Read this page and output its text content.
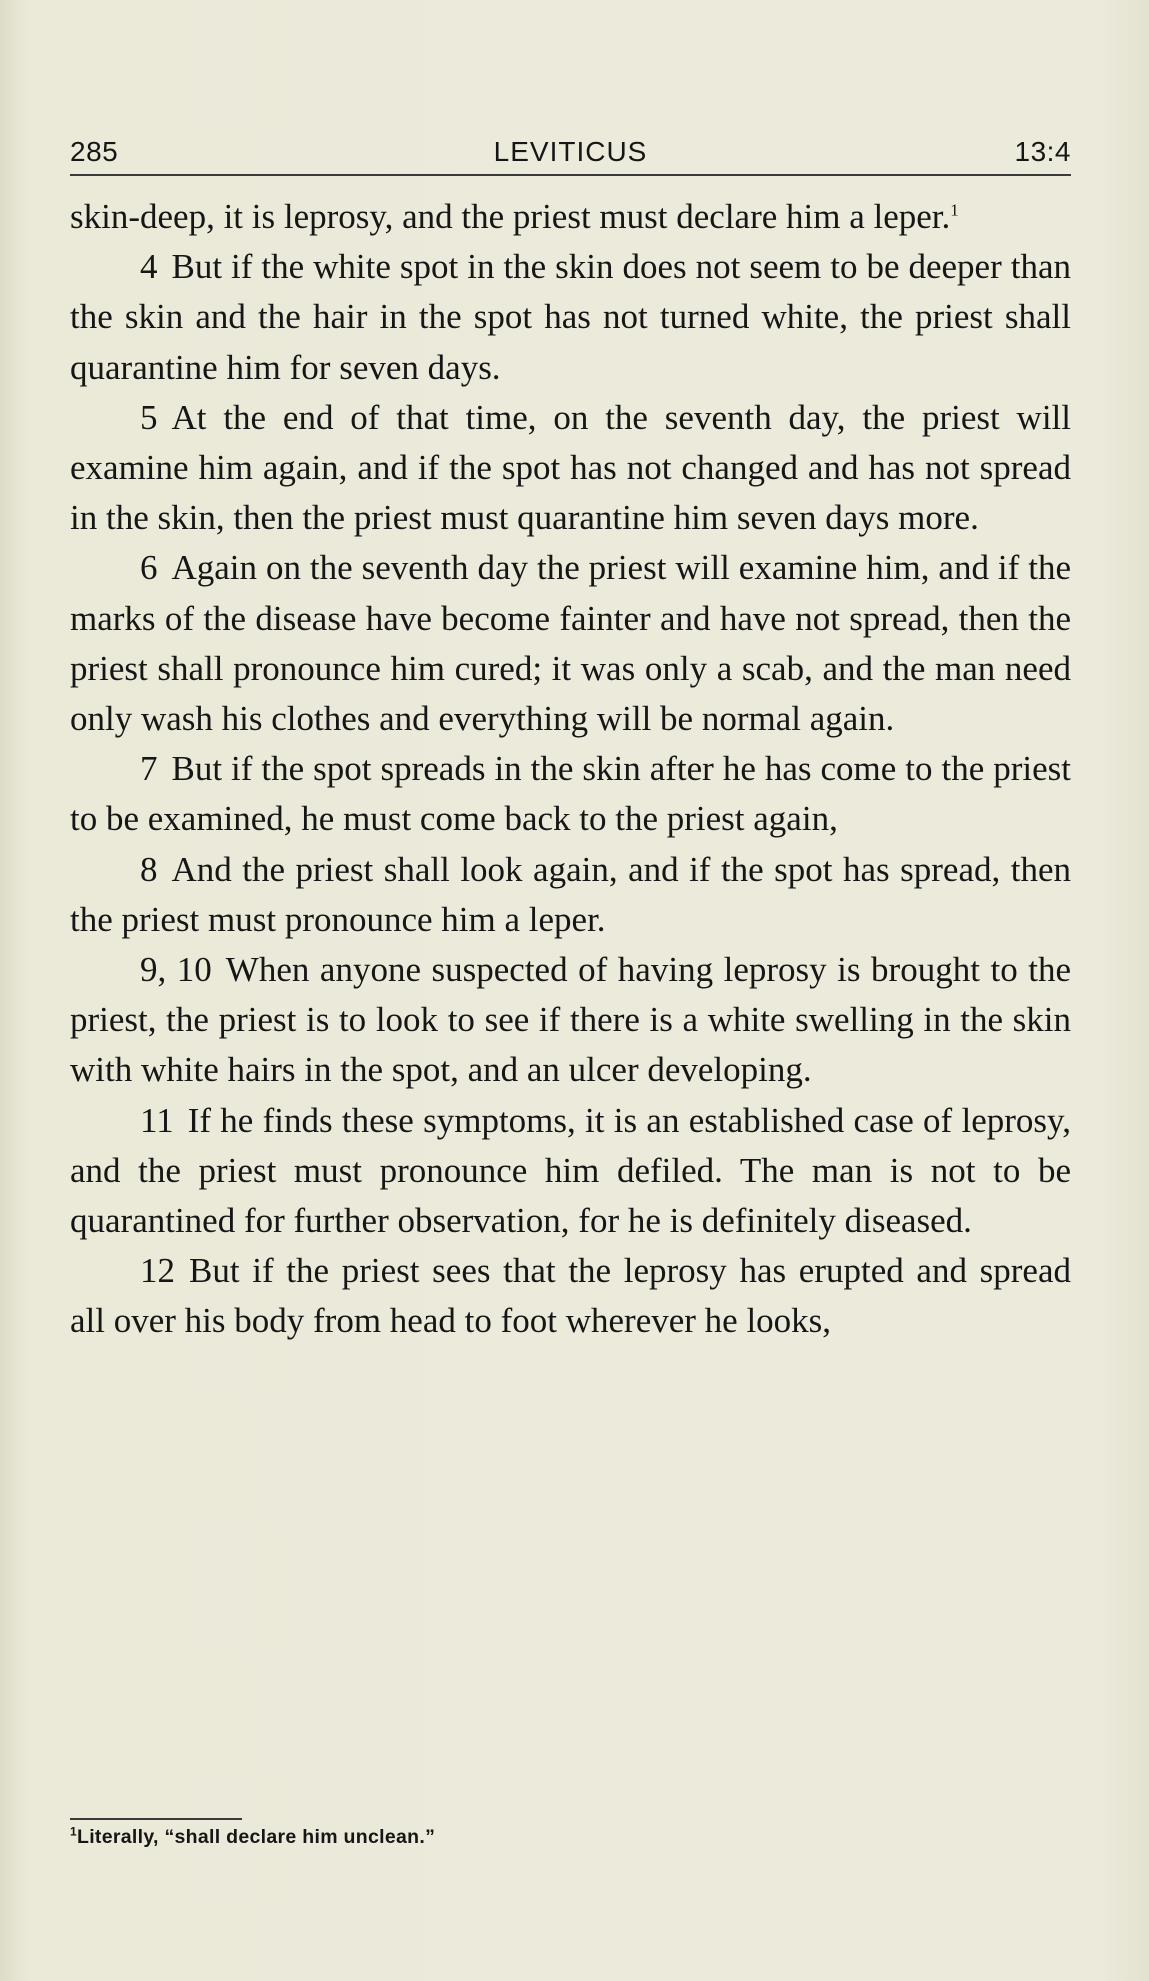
285	LEVITICUS	13:4

skin-deep, it is leprosy, and the priest must declare him a leper.$^1$

4 But if the white spot in the skin does not seem to be deeper than the skin and the hair in the spot has not turned white, the priest shall quarantine him for seven days.

5 At the end of that time, on the seventh day, the priest will examine him again, and if the spot has not changed and has not spread in the skin, then the priest must quarantine him seven days more.

6 Again on the seventh day the priest will examine him, and if the marks of the disease have become fainter and have not spread, then the priest shall pronounce him cured; it was only a scab, and the man need only wash his clothes and everything will be normal again.

7 But if the spot spreads in the skin after he has come to the priest to be examined, he must come back to the priest again,

8 And the priest shall look again, and if the spot has spread, then the priest must pronounce him a leper.

9, 10 When anyone suspected of having leprosy is brought to the priest, the priest is to look to see if there is a white swelling in the skin with white hairs in the spot, and an ulcer developing.

11 If he finds these symptoms, it is an established case of leprosy, and the priest must pronounce him defiled. The man is not to be quarantined for further observation, for he is definitely diseased.

12 But if the priest sees that the leprosy has erupted and spread all over his body from head to foot wherever he looks,

$^1$Literally, “shall declare him unclean.”
